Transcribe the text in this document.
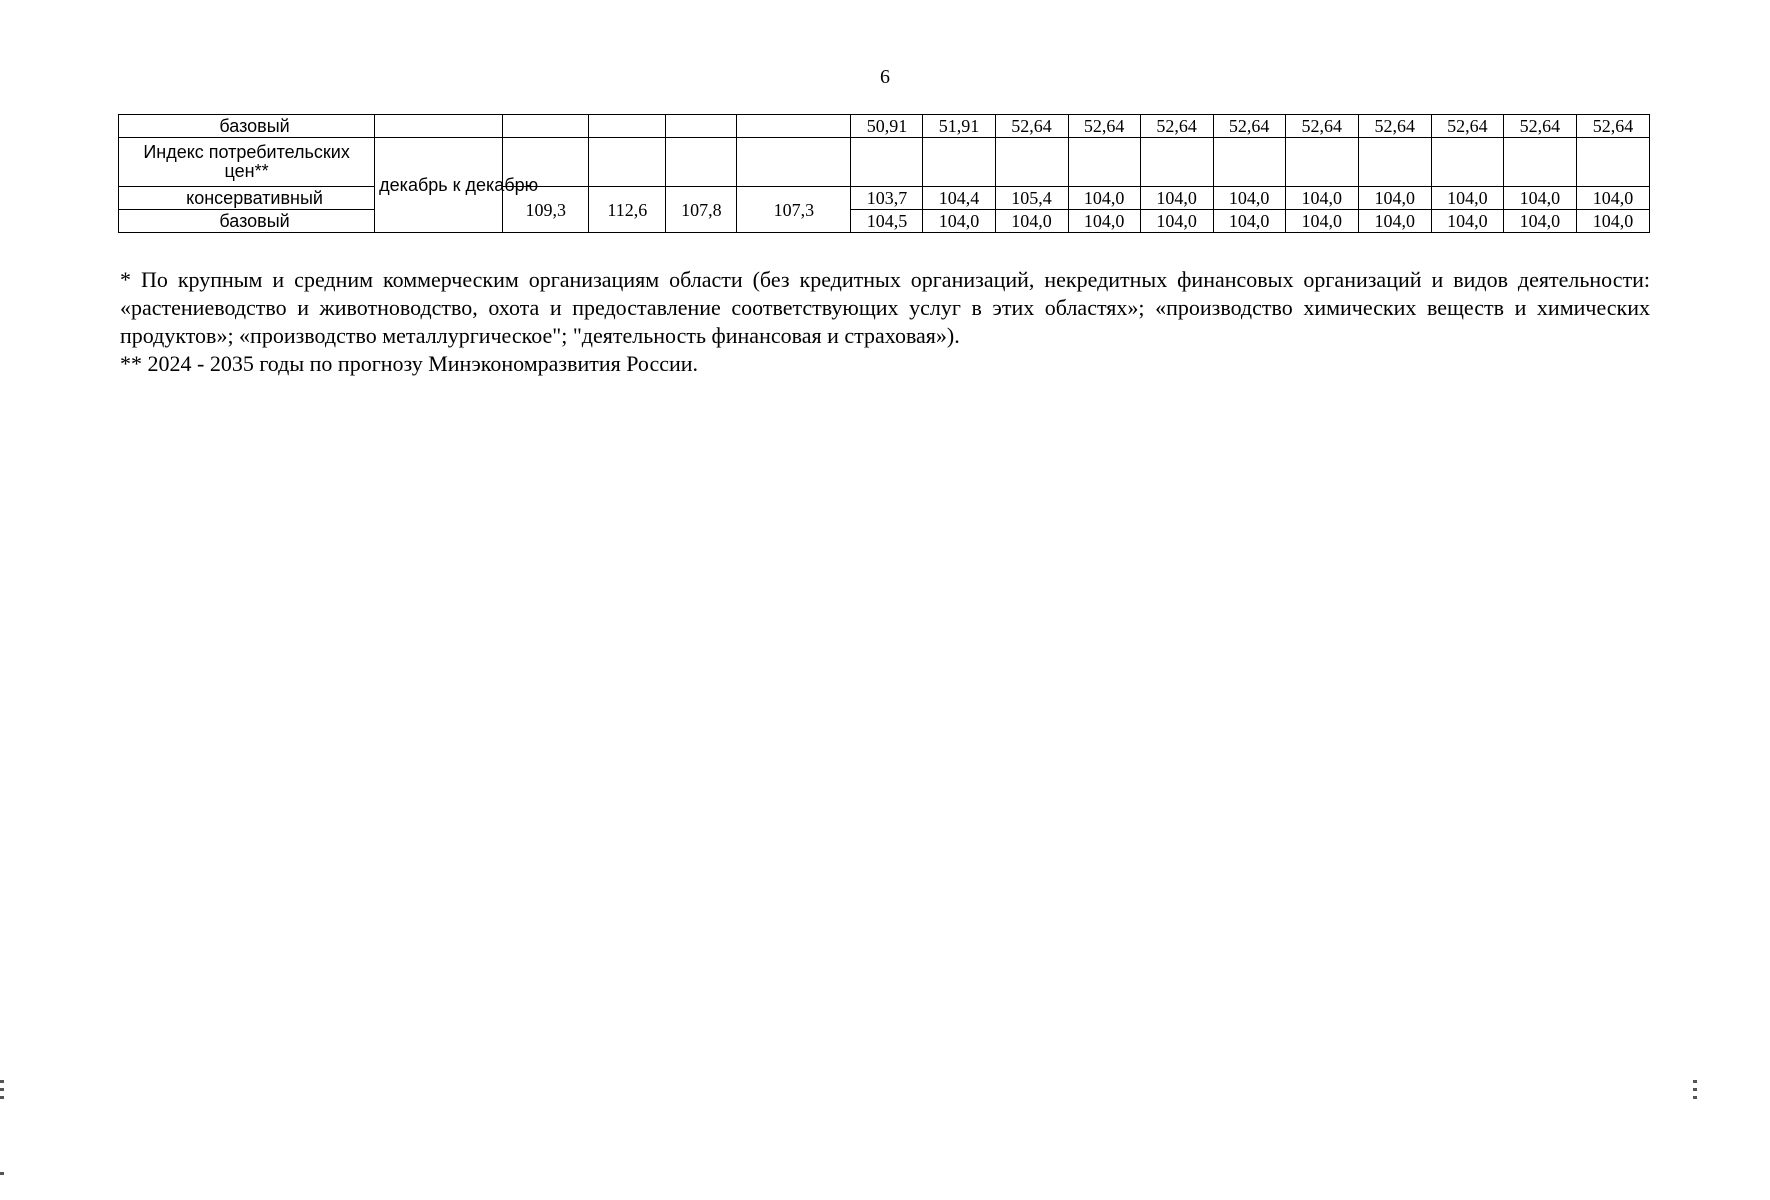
6
базовый						50,91	51,91	52,64	52,64	52,64	52,64	52,64	52,64	52,64	52,64	52,64
Индекс потребительских цен**	декабрь к декабрю															
консервативный		109,3	112,6	107,8	107,3	103,7	104,4	105,4	104,0	104,0	104,0	104,0	104,0	104,0	104,0	104,0
базовый						104,5	104,0	104,0	104,0	104,0	104,0	104,0	104,0	104,0	104,0	104,0

* По крупным и средним коммерческим организациям области (без кредитных организаций, некредитных финансовых организаций и видов деятельности: «растениеводство и животноводство, охота и предоставление соответствующих услуг в этих областях»; «производство химических веществ и химических продуктов»; «производство металлургическое"; "деятельность финансовая и страховая»).

** 2024 - 2035 годы по прогнозу Минэкономразвития России.
